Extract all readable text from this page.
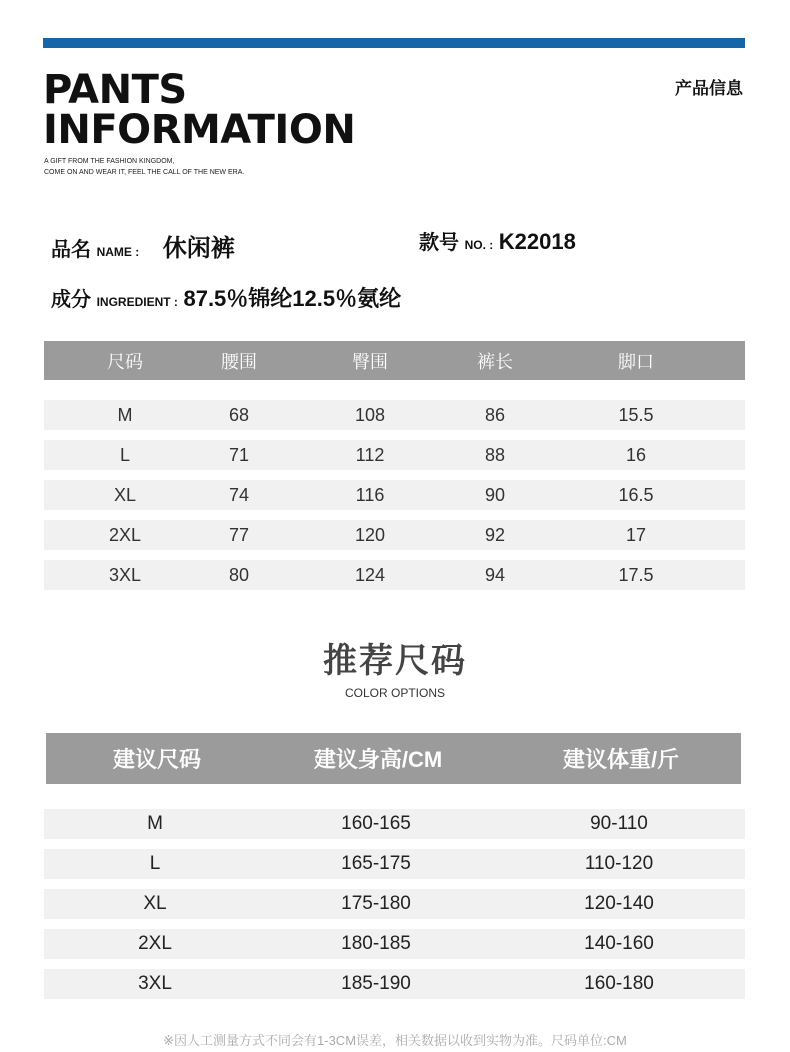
PANTS
INFORMATION
A GIFT FROM THE FASHION KINGDOM,
COME ON AND WEAR IT, FEEL THE CALL OF THE NEW ERA.
产品信息
品名 NAME : 休闲裤	款号 NO. : K22018
成分 INGREDIENT : 87.5％锦纶12.5％氨纶
尺码	腰围	臀围	裤长	脚口
推荐尺码
COLOR OPTIONS
建议尺码	建议身高/CM	建议体重/斤
※因人工测量方式不同会有1-3CM误差，相关数据以收到实物为准。尺码单位:CM
M	68	108	86	15.5
L	71	112	88	16
XL	74	116	90	16.5
2XL	77	120	92	17
3XL	80	124	94	17.5
M	160-165	90-110
L	165-175	110-120
XL	175-180	120-140
2XL	180-185	140-160
3XL	185-190	160-180
